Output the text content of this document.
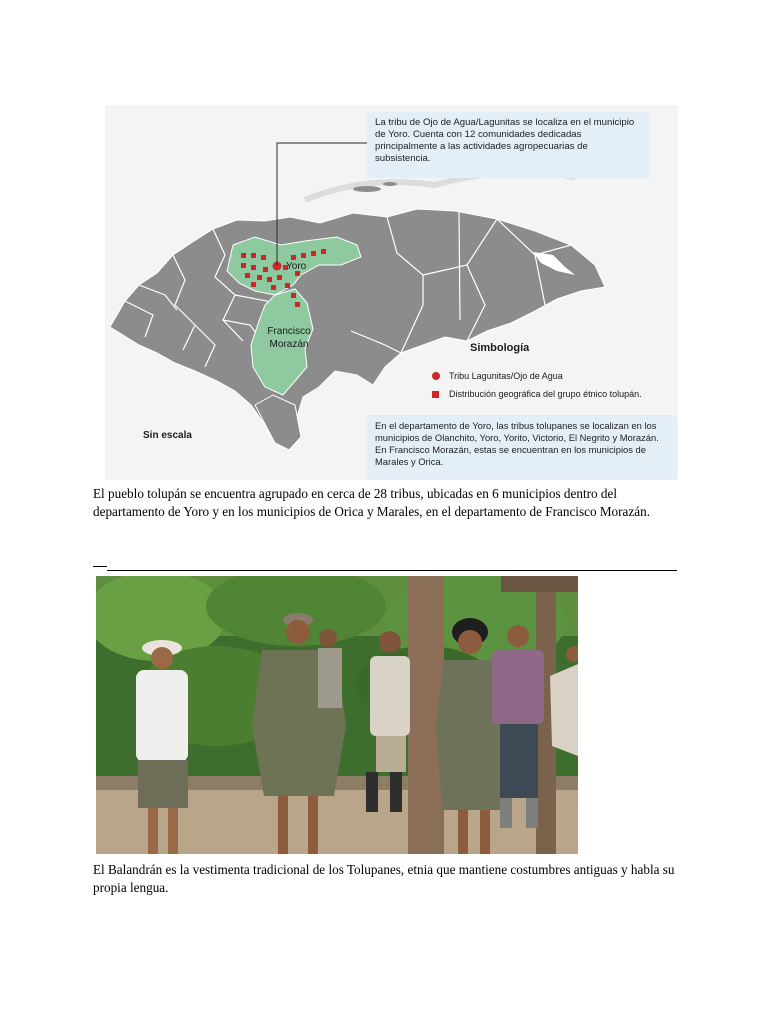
La tribu de Ojo de Agua/Lagunitas se localiza en el municipio de Yoro. Cuenta con 12 comunidades dedicadas principalmente a las actividades agropecuarias de subsistencia.
Yoro
Francisco
Morazán	Simbología
Tribu Lagunitas/Ojo de Agua
Distribución geográfica del grupo étnico tolupán.
Sin escala
En el departamento de Yoro, las tribus tolupanes se localizan en los municipios de Olanchito, Yoro, Yorito, Victorio, El Negrito y Morazán. En Francisco Morazán, estas se encuentran en los municipios de Marales y Orica.
El pueblo tolupán se encuentra agrupado en cerca de 28 tribus, ubicadas en 6 municipios dentro del departamento de Yoro y en los municipios de Orica y Marales, en el departamento de Francisco Morazán.
El Balandrán es la vestimenta tradicional de los Tolupanes, etnia que mantiene costumbres antiguas y habla su propia lengua.
